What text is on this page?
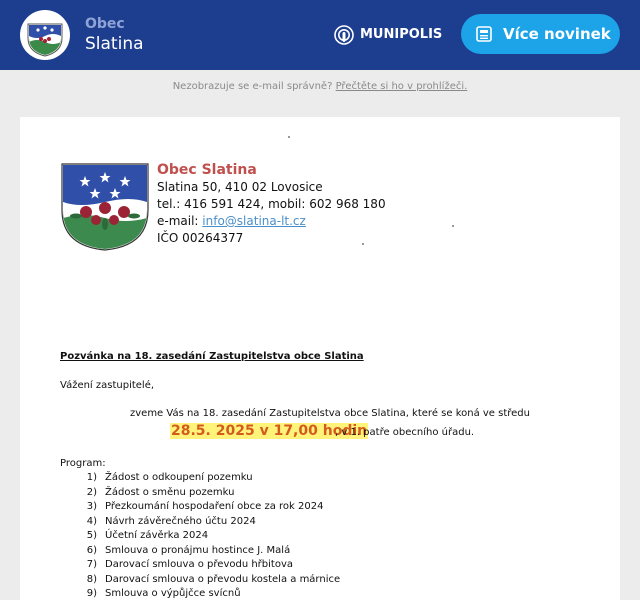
Obec
Slatina	MUNIPOLIS	Více novinek
Nezobrazuje se e-mail správně? Přečtěte si ho v prohlížeči.
Obec Slatina
Slatina 50, 410 02 Lovosice
tel.: 416 591 424, mobil: 602 968 180
e-mail: info@slatina-lt.cz
IČO 00264377
Pozvánka na 18. zasedání Zastupitelstva obce Slatina
Vážení zastupitelé,
zveme Vás na 18. zasedání Zastupitelstva obce Slatina, které se koná ve středu
28.5. 2025 v 17,00 hodin
, v 1. patře obecního úřadu.
Program:
1) Žádost o odkoupení pozemku
2) Žádost o směnu pozemku
3) Přezkoumání hospodaření obce za rok 2024
4) Návrh závěrečného účtu 2024
5) Účetní závěrka 2024
6) Smlouva o pronájmu hostince J. Malá
7) Darovací smlouva o převodu hřbitova
8) Darovací smlouva o převodu kostela a márnice
9) Smlouva o výpůjčce svícnů
